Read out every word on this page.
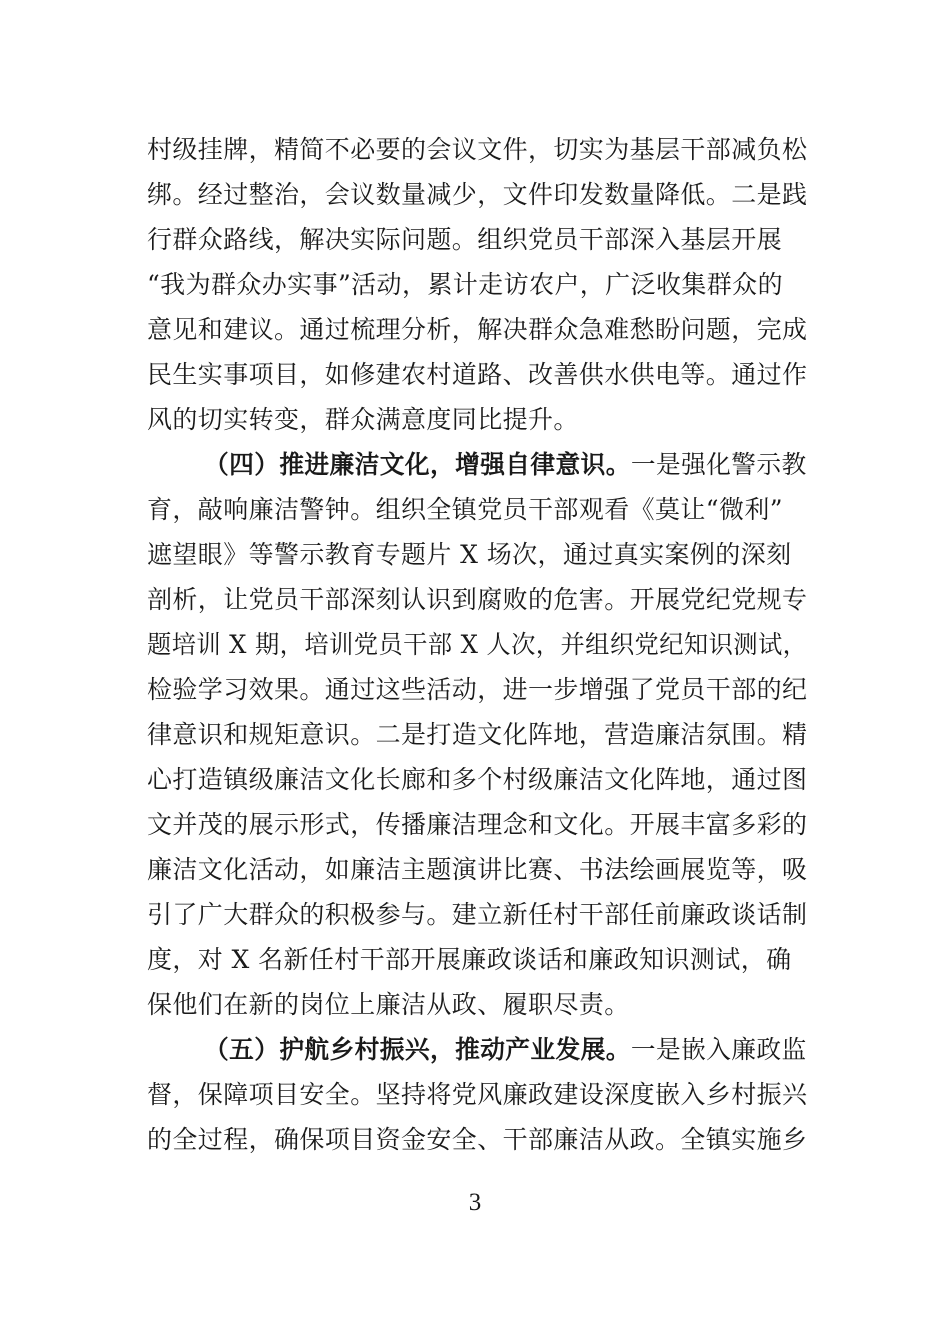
村级挂牌，精简不必要的会议文件，切实为基层干部减负松
绑。经过整治，会议数量减少，文件印发数量降低。二是践
行群众路线，解决实际问题。组织党员干部深入基层开展
“我为群众办实事”活动，累计走访农户，广泛收集群众的
意见和建议。通过梳理分析，解决群众急难愁盼问题，完成
民生实事项目，如修建农村道路、改善供水供电等。通过作
风的切实转变，群众满意度同比提升。
（四）推进廉洁文化，增强自律意识。一是强化警示教
育，敲响廉洁警钟。组织全镇党员干部观看《莫让“微利”
遮望眼》等警示教育专题片 X 场次，通过真实案例的深刻
剖析，让党员干部深刻认识到腐败的危害。开展党纪党规专
题培训 X 期，培训党员干部 X 人次，并组织党纪知识测试，
检验学习效果。通过这些活动，进一步增强了党员干部的纪
律意识和规矩意识。二是打造文化阵地，营造廉洁氛围。精
心打造镇级廉洁文化长廊和多个村级廉洁文化阵地，通过图
文并茂的展示形式，传播廉洁理念和文化。开展丰富多彩的
廉洁文化活动，如廉洁主题演讲比赛、书法绘画展览等，吸
引了广大群众的积极参与。建立新任村干部任前廉政谈话制
度，对 X 名新任村干部开展廉政谈话和廉政知识测试，确
保他们在新的岗位上廉洁从政、履职尽责。
（五）护航乡村振兴，推动产业发展。一是嵌入廉政监
督，保障项目安全。坚持将党风廉政建设深度嵌入乡村振兴
的全过程，确保项目资金安全、干部廉洁从政。全镇实施乡
3
